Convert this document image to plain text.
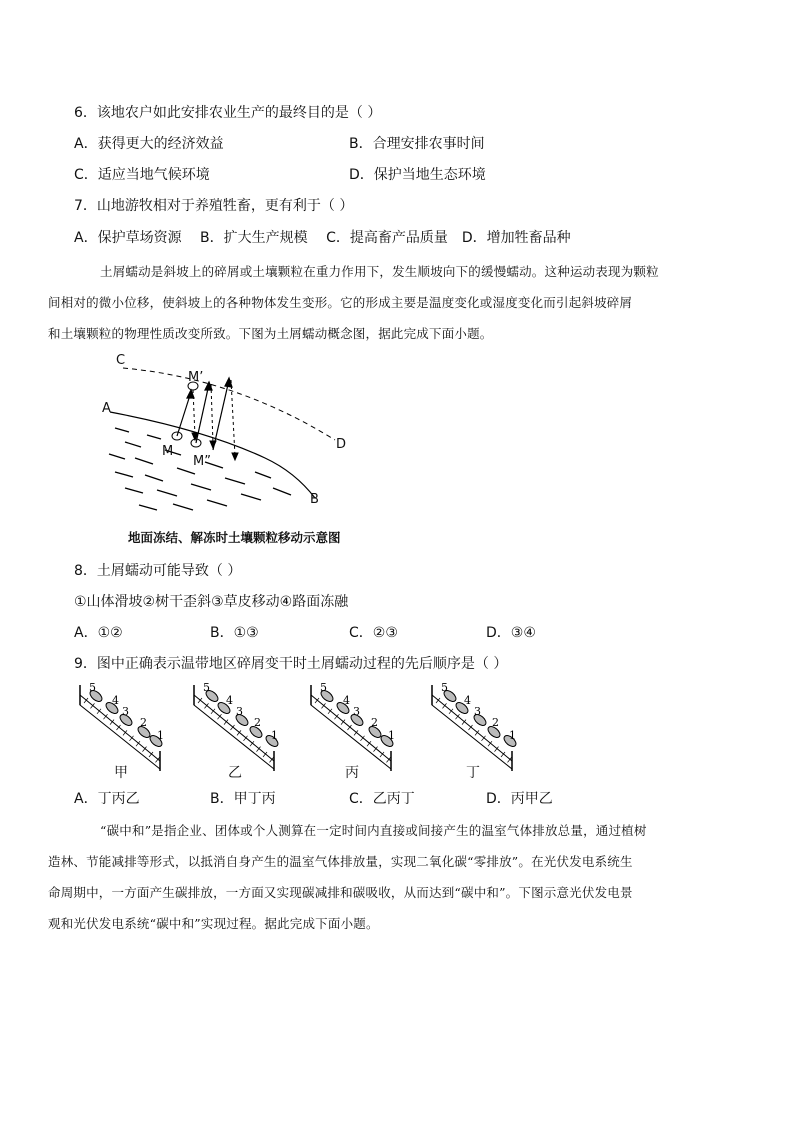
6．该地农户如此安排农业生产的最终目的是（ ）
A．获得更大的经济效益	B．合理安排农事时间
C．适应当地气候环境	D．保护当地生态环境
7．山地游牧相对于养殖牲畜，更有利于（ ）
A．保护草场资源　 B．扩大生产规模　 C．提高畜产品质量　D．增加牲畜品种
土屑蠕动是斜坡上的碎屑或土壤颗粒在重力作用下，发生顺坡向下的缓慢蠕动。这种运动表现为颗粒
间相对的微小位移，使斜坡上的各种物体发生变形。它的形成主要是温度变化或湿度变化而引起斜坡碎屑
和土壤颗粒的物理性质改变所致。下图为土屑蠕动概念图，据此完成下面小题。
C
M’
A
M
M”
D
B
地面冻结、解冻时土壤颗粒移动示意图
8．土屑蠕动可能导致（ ）
①山体滑坡②树干歪斜③草皮移动④路面冻融
A．①②	B．①③	C．②③	D．③④
9．图中正确表示温带地区碎屑变干时土屑蠕动过程的先后顺序是（ ）
5
4
3
2
1
甲
5
4
3
2
1
乙
5
4
3
2
1
丙
5
4
3
2
1
丁
A．丁丙乙	B．甲丁丙	C．乙丙丁	D．丙甲乙
“碳中和”是指企业、团体或个人测算在一定时间内直接或间接产生的温室气体排放总量，通过植树
造林、节能减排等形式，以抵消自身产生的温室气体排放量，实现二氧化碳“零排放”。在光伏发电系统生
命周期中，一方面产生碳排放，一方面又实现碳减排和碳吸收，从而达到“碳中和”。下图示意光伏发电景
观和光伏发电系统“碳中和”实现过程。据此完成下面小题。
